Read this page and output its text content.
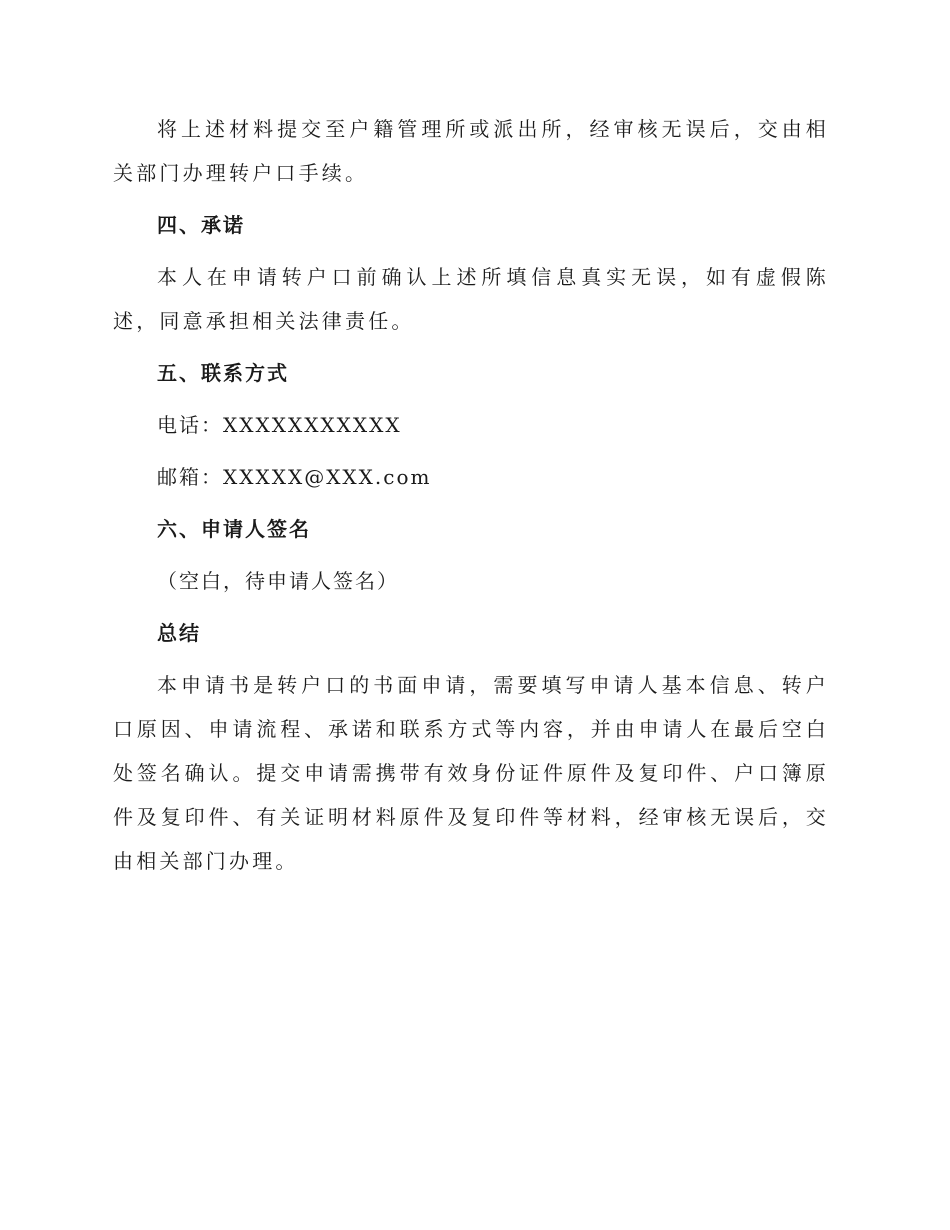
将上述材料提交至户籍管理所或派出所，经审核无误后，交由相关部门办理转户口手续。

四、承诺

本人在申请转户口前确认上述所填信息真实无误，如有虚假陈述，同意承担相关法律责任。

五、联系方式

电话：XXXXXXXXXXX

邮箱：XXXXX@XXX.com

六、申请人签名

（空白，待申请人签名）

总结

本申请书是转户口的书面申请，需要填写申请人基本信息、转户口原因、申请流程、承诺和联系方式等内容，并由申请人在最后空白处签名确认。提交申请需携带有效身份证件原件及复印件、户口簿原件及复印件、有关证明材料原件及复印件等材料，经审核无误后，交由相关部门办理。
